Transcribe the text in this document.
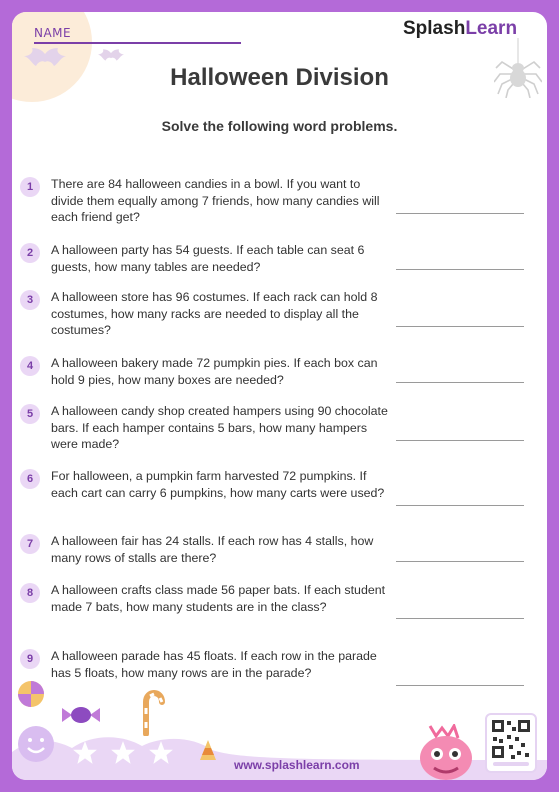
NAME	SplashLearn
Halloween Division
Solve the following word problems.
1	There are 84 halloween candies in a bowl. If you want to divide them equally among 7 friends, how many candies will each friend get?
2	A halloween party has 54 guests. If each table can seat 6 guests, how many tables are needed?
3	A halloween store has 96 costumes. If each rack can hold 8 costumes, how many racks are needed to display all the costumes?
4	A halloween bakery made 72 pumpkin pies. If each box can hold 9 pies, how many boxes are needed?
5	A halloween candy shop created hampers using 90 chocolate bars. If each hamper contains 5 bars, how many hampers were made?
6	For halloween, a pumpkin farm harvested 72 pumpkins. If each cart can carry 6 pumpkins, how many carts were used?
7	A halloween fair has 24 stalls. If each row has 4 stalls, how many rows of stalls are there?
8	A halloween crafts class made 56 paper bats. If each student made 7 bats, how many students are in the class?
9	A halloween parade has 45 floats. If each row in the parade has 5 floats, how many rows are in the parade?
www.splashlearn.com
